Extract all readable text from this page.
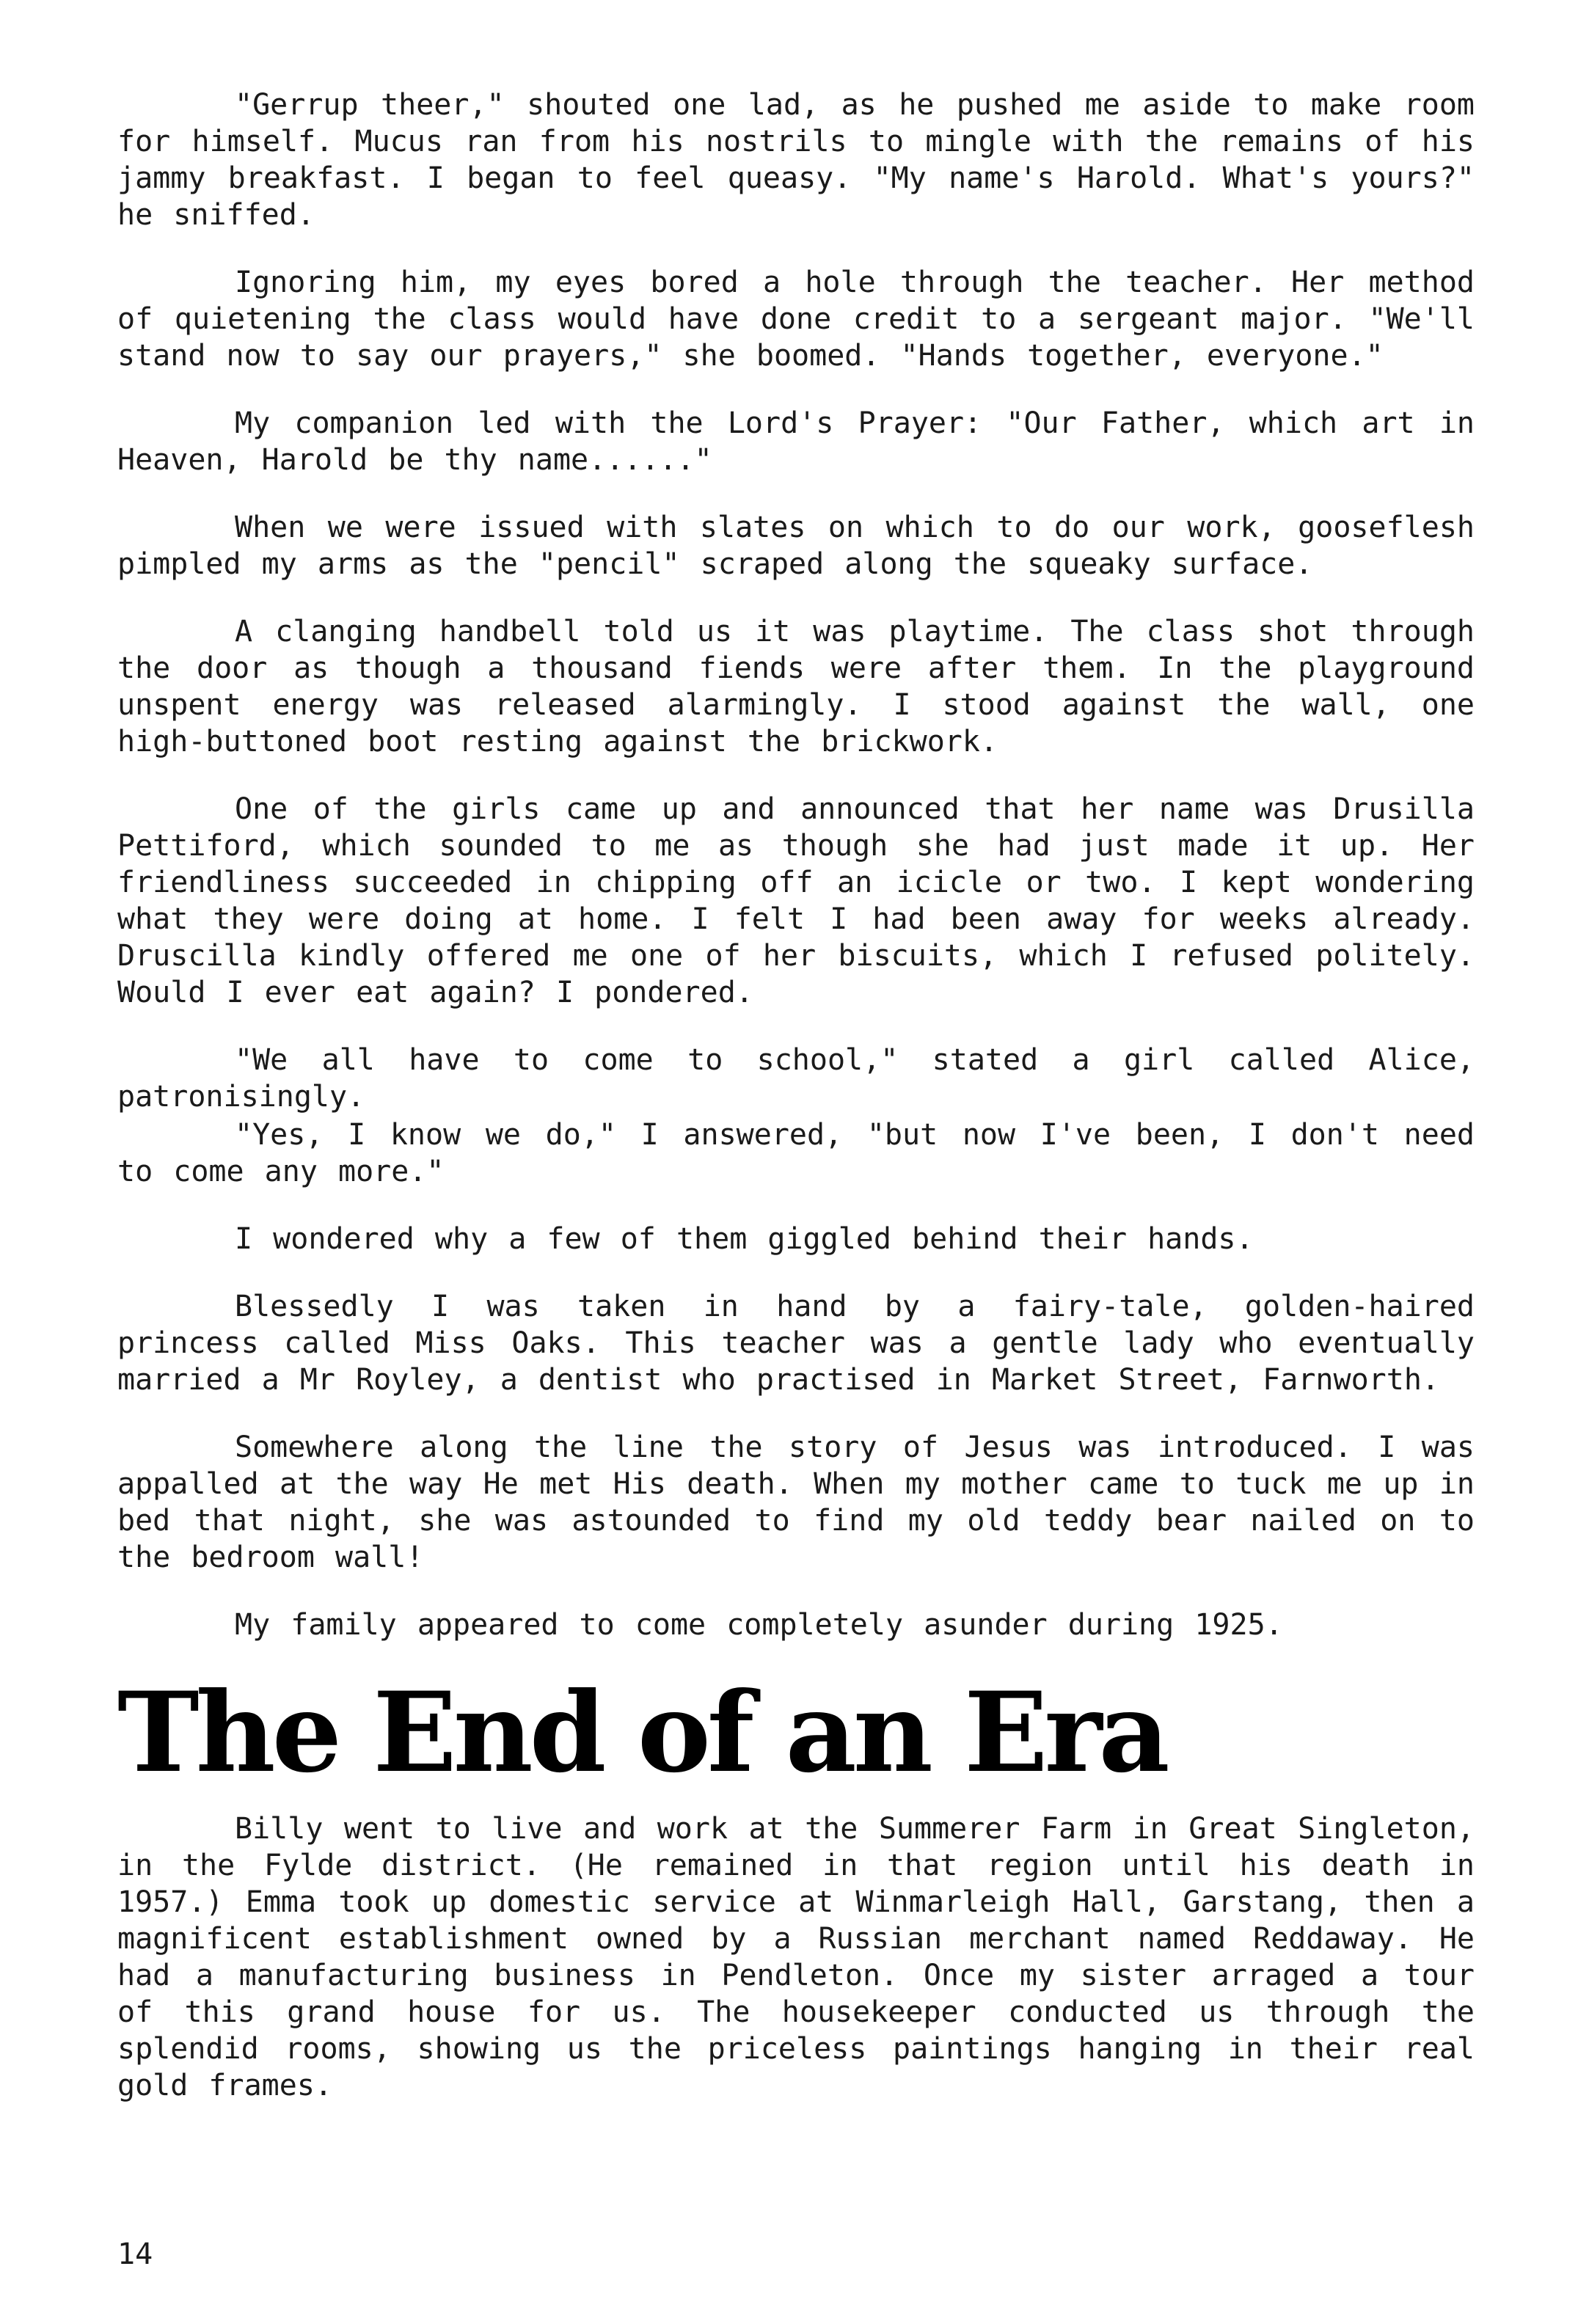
"Gerrup theer," shouted one lad, as he pushed me aside to make room for himself. Mucus ran from his nostrils to mingle with the remains of his jammy breakfast. I began to feel queasy. "My name's Harold. What's yours?" he sniffed.

Ignoring him, my eyes bored a hole through the teacher. Her method of quietening the class would have done credit to a sergeant major. "We'll stand now to say our prayers," she boomed. "Hands together, everyone."

My companion led with the Lord's Prayer: "Our Father, which art in Heaven, Harold be thy name......"

When we were issued with slates on which to do our work, gooseflesh pimpled my arms as the "pencil" scraped along the squeaky surface.

A clanging handbell told us it was playtime. The class shot through the door as though a thousand fiends were after them. In the playground unspent energy was released alarmingly. I stood against the wall, one high-buttoned boot resting against the brickwork.

One of the girls came up and announced that her name was Drusilla Pettiford, which sounded to me as though she had just made it up. Her friendliness succeeded in chipping off an icicle or two. I kept wondering what they were doing at home. I felt I had been away for weeks already. Druscilla kindly offered me one of her biscuits, which I refused politely. Would I ever eat again? I pondered.

"We all have to come to school," stated a girl called Alice, patronisingly.

"Yes, I know we do," I answered, "but now I've been, I don't need to come any more."

I wondered why a few of them giggled behind their hands.

Blessedly I was taken in hand by a fairy-tale, golden-haired princess called Miss Oaks. This teacher was a gentle lady who eventually married a Mr Royley, a dentist who practised in Market Street, Farnworth.

Somewhere along the line the story of Jesus was introduced. I was appalled at the way He met His death. When my mother came to tuck me up in bed that night, she was astounded to find my old teddy bear nailed on to the bedroom wall!

My family appeared to come completely asunder during 1925.

The End of an Era

Billy went to live and work at the Summerer Farm in Great Singleton, in the Fylde district. (He remained in that region until his death in 1957.) Emma took up domestic service at Winmarleigh Hall, Garstang, then a magnificent establishment owned by a Russian merchant named Reddaway. He had a manufacturing business in Pendleton. Once my sister arraged a tour of this grand house for us. The housekeeper conducted us through the splendid rooms, showing us the priceless paintings hanging in their real gold frames.

14
